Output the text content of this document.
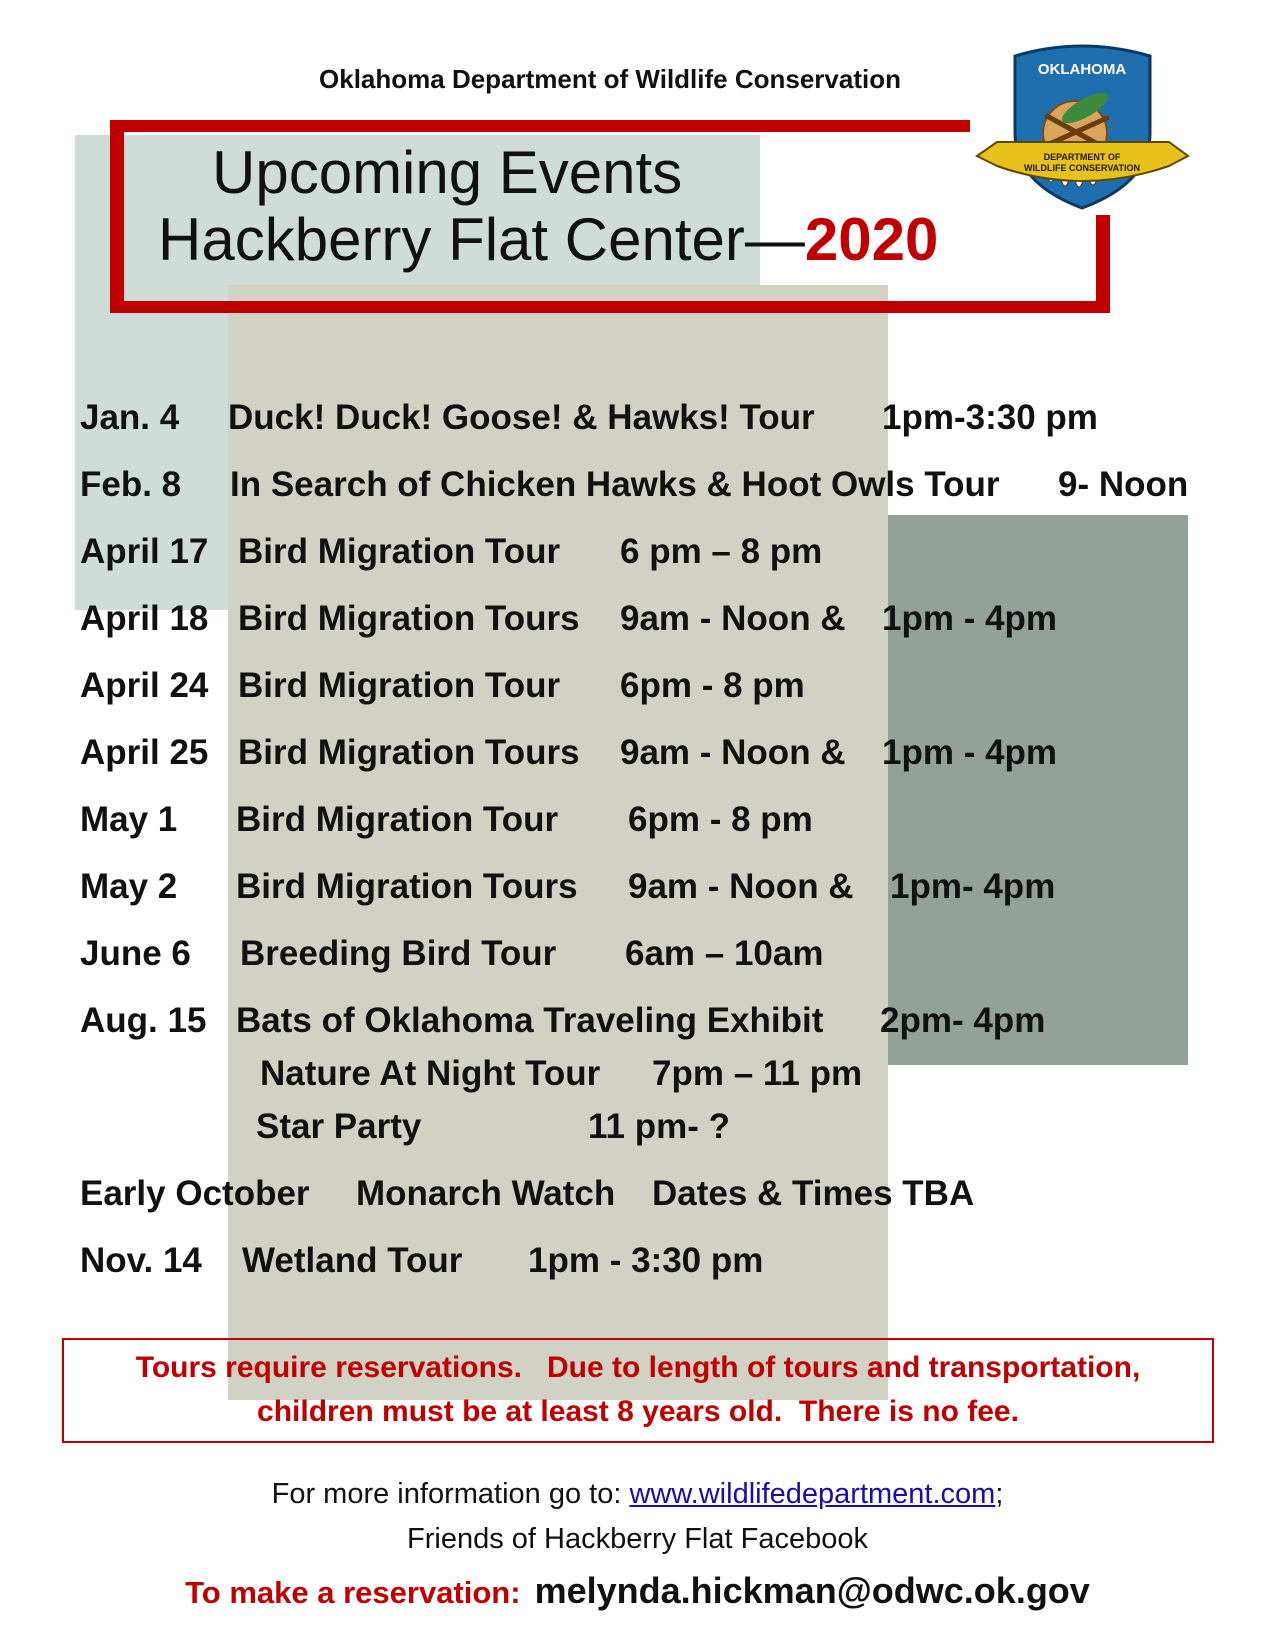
Oklahoma Department of Wildlife Conservation
Upcoming Events
Hackberry Flat Center—2020
OKLAHOMA
DEPARTMENT OF
WILDLIFE CONSERVATION
Jan. 4 Duck! Duck! Goose! & Hawks! Tour 1pm-3:30 pm
Feb. 8 In Search of Chicken Hawks & Hoot Owls Tour 9- Noon
April 17 Bird Migration Tour 6 pm – 8 pm
April 18 Bird Migration Tours 9am - Noon & 1pm - 4pm
April 24 Bird Migration Tour 6pm - 8 pm
April 25 Bird Migration Tours 9am - Noon & 1pm - 4pm
May 1 Bird Migration Tour 6pm - 8 pm
May 2 Bird Migration Tours 9am - Noon & 1pm- 4pm
June 6 Breeding Bird Tour 6am – 10am
Aug. 15 Bats of Oklahoma Traveling Exhibit 2pm- 4pm
Nature At Night Tour 7pm – 11 pm
Star Party	11 pm- ?
Early October Monarch Watch Dates & Times TBA
Nov. 14 Wetland Tour 1pm - 3:30 pm
Tours require reservations.   Due to length of tours and transportation,
children must be at least 8 years old.  There is no fee.
For more information go to: www.wildlifedepartment.com;
Friends of Hackberry Flat Facebook
To make a reservation: melynda.hickman@odwc.ok.gov
